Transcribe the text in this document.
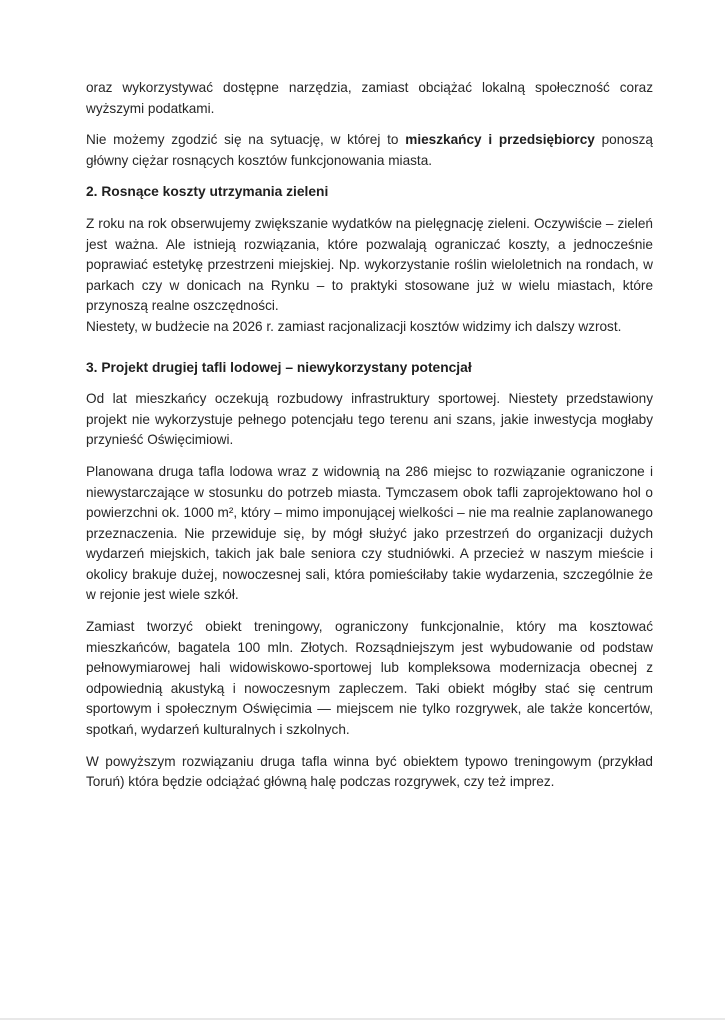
oraz wykorzystywać dostępne narzędzia, zamiast obciążać lokalną społeczność coraz wyższymi podatkami.

Nie możemy zgodzić się na sytuację, w której to mieszkańcy i przedsiębiorcy ponoszą główny ciężar rosnących kosztów funkcjonowania miasta.

2. Rosnące koszty utrzymania zieleni

Z roku na rok obserwujemy zwiększanie wydatków na pielęgnację zieleni. Oczywiście – zieleń jest ważna. Ale istnieją rozwiązania, które pozwalają ograniczać koszty, a jednocześnie poprawiać estetykę przestrzeni miejskiej. Np. wykorzystanie roślin wieloletnich na rondach, w parkach czy w donicach na Rynku – to praktyki stosowane już w wielu miastach, które przynoszą realne oszczędności.

Niestety, w budżecie na 2026 r. zamiast racjonalizacji kosztów widzimy ich dalszy wzrost.

3. Projekt drugiej tafli lodowej – niewykorzystany potencjał

Od lat mieszkańcy oczekują rozbudowy infrastruktury sportowej. Niestety przedstawiony projekt nie wykorzystuje pełnego potencjału tego terenu ani szans, jakie inwestycja mogłaby przynieść Oświęcimiowi.

Planowana druga tafla lodowa wraz z widownią na 286 miejsc to rozwiązanie ograniczone i niewystarczające w stosunku do potrzeb miasta. Tymczasem obok tafli zaprojektowano hol o powierzchni ok. 1000 m², który – mimo imponującej wielkości – nie ma realnie zaplanowanego przeznaczenia. Nie przewiduje się, by mógł służyć jako przestrzeń do organizacji dużych wydarzeń miejskich, takich jak bale seniora czy studniówki. A przecież w naszym mieście i okolicy brakuje dużej, nowoczesnej sali, która pomieściłaby takie wydarzenia, szczególnie że w rejonie jest wiele szkół.

Zamiast tworzyć obiekt treningowy, ograniczony funkcjonalnie, który ma kosztować mieszkańców, bagatela 100 mln. Złotych. Rozsądniejszym jest wybudowanie od podstaw pełnowymiarowej hali widowiskowo-sportowej lub kompleksowa modernizacja obecnej z odpowiednią akustyką i nowoczesnym zapleczem. Taki obiekt mógłby stać się centrum sportowym i społecznym Oświęcimia — miejscem nie tylko rozgrywek, ale także koncertów, spotkań, wydarzeń kulturalnych i szkolnych.

W powyższym rozwiązaniu druga tafla winna być obiektem typowo treningowym (przykład Toruń) która będzie odciążać główną halę podczas rozgrywek, czy też imprez.
